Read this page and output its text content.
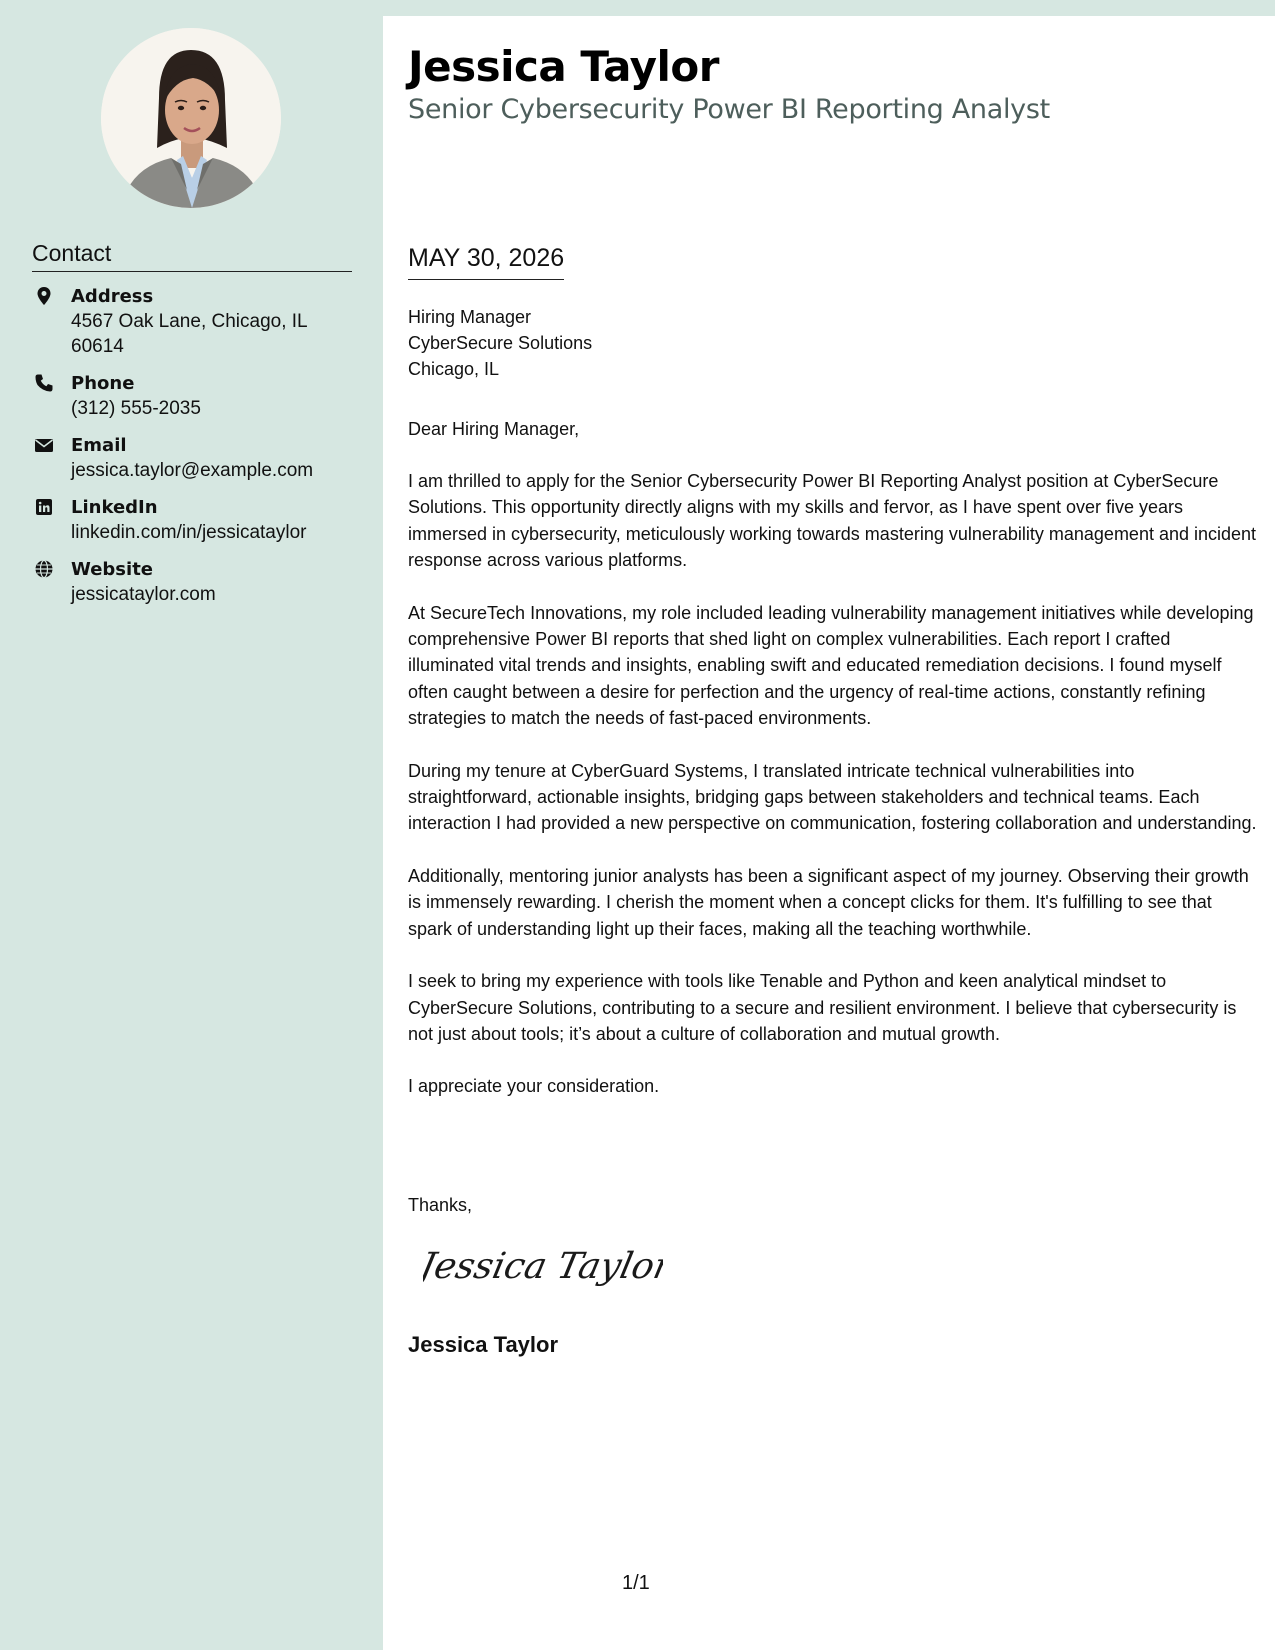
Contact
Address
4567 Oak Lane, Chicago, IL
60614
Phone
(312) 555-2035
Email
jessica.taylor@example.com
LinkedIn
linkedin.com/in/jessicataylor
Website
jessicataylor.com
Jessica Taylor
Senior Cybersecurity Power BI Reporting Analyst
MAY 30, 2026
Hiring Manager
CyberSecure Solutions
Chicago, IL
Dear Hiring Manager,

I am thrilled to apply for the Senior Cybersecurity Power BI Reporting Analyst position at CyberSecure Solutions. This opportunity directly aligns with my skills and fervor, as I have spent over five years immersed in cybersecurity, meticulously working towards mastering vulnerability management and incident response across various platforms.

At SecureTech Innovations, my role included leading vulnerability management initiatives while developing comprehensive Power BI reports that shed light on complex vulnerabilities. Each report I crafted illuminated vital trends and insights, enabling swift and educated remediation decisions. I found myself often caught between a desire for perfection and the urgency of real-time actions, constantly refining strategies to match the needs of fast-paced environments.

During my tenure at CyberGuard Systems, I translated intricate technical vulnerabilities into straightforward, actionable insights, bridging gaps between stakeholders and technical teams. Each interaction I had provided a new perspective on communication, fostering collaboration and understanding.

Additionally, mentoring junior analysts has been a significant aspect of my journey. Observing their growth is immensely rewarding. I cherish the moment when a concept clicks for them. It's fulfilling to see that spark of understanding light up their faces, making all the teaching worthwhile.

I seek to bring my experience with tools like Tenable and Python and keen analytical mindset to CyberSecure Solutions, contributing to a secure and resilient environment. I believe that cybersecurity is not just about tools; it’s about a culture of collaboration and mutual growth.

I appreciate your consideration.

Thanks,
Jessica Taylor
Jessica Taylor
1/1
